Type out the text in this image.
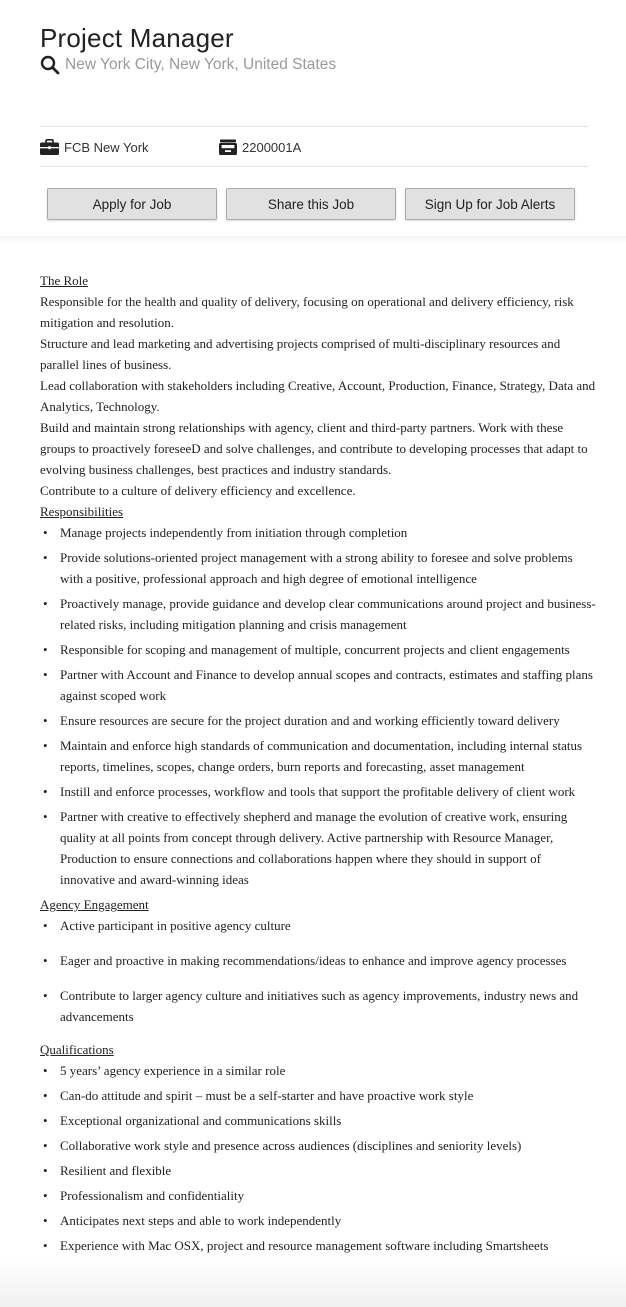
Project Manager
New York City, New York, United States
FCB New York	2200001A
Apply for Job	Share this Job	Sign Up for Job Alerts
The Role
Responsible for the health and quality of delivery, focusing on operational and delivery efficiency, risk mitigation and resolution.
Structure and lead marketing and advertising projects comprised of multi-disciplinary resources and parallel lines of business.
Lead collaboration with stakeholders including Creative, Account, Production, Finance, Strategy, Data and Analytics, Technology.
Build and maintain strong relationships with agency, client and third-party partners. Work with these groups to proactively foreseeD and solve challenges, and contribute to developing processes that adapt to evolving business challenges, best practices and industry standards.
Contribute to a culture of delivery efficiency and excellence.
Responsibilities
• Manage projects independently from initiation through completion
• Provide solutions-oriented project management with a strong ability to foresee and solve problems with a positive, professional approach and high degree of emotional intelligence
• Proactively manage, provide guidance and develop clear communications around project and business-related risks, including mitigation planning and crisis management
• Responsible for scoping and management of multiple, concurrent projects and client engagements
• Partner with Account and Finance to develop annual scopes and contracts, estimates and staffing plans against scoped work
• Ensure resources are secure for the project duration and and working efficiently toward delivery
• Maintain and enforce high standards of communication and documentation, including internal status reports, timelines, scopes, change orders, burn reports and forecasting, asset management
• Instill and enforce processes, workflow and tools that support the profitable delivery of client work
• Partner with creative to effectively shepherd and manage the evolution of creative work, ensuring quality at all points from concept through delivery. Active partnership with Resource Manager, Production to ensure connections and collaborations happen where they should in support of innovative and award-winning ideas
Agency Engagement
• Active participant in positive agency culture
• Eager and proactive in making recommendations/ideas to enhance and improve agency processes
• Contribute to larger agency culture and initiatives such as agency improvements, industry news and advancements
Qualifications
• 5 years’ agency experience in a similar role
• Can-do attitude and spirit – must be a self-starter and have proactive work style
• Exceptional organizational and communications skills
• Collaborative work style and presence across audiences (disciplines and seniority levels)
• Resilient and flexible
• Professionalism and confidentiality
• Anticipates next steps and able to work independently
• Experience with Mac OSX, project and resource management software including Smartsheets
